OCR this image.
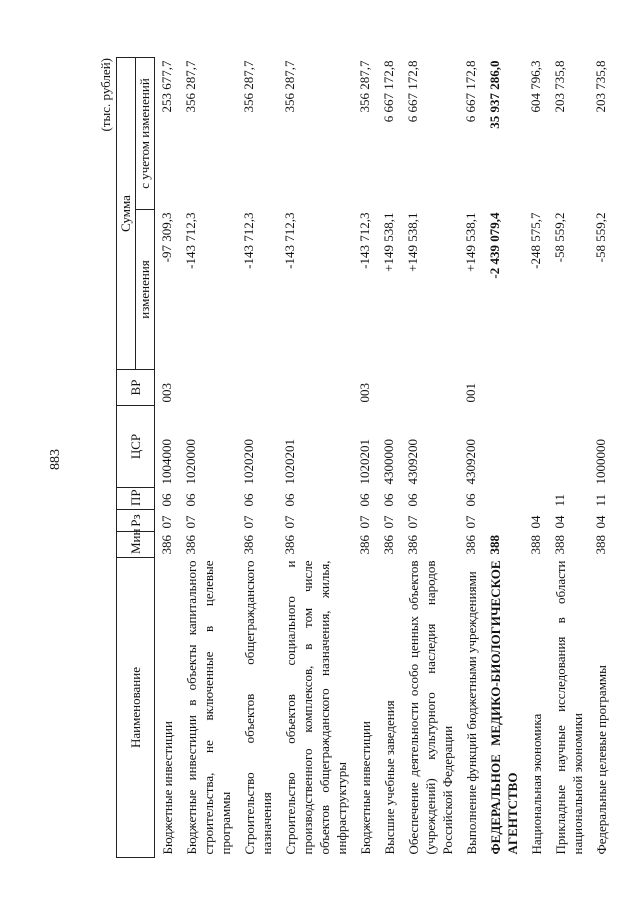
883
(тыс. рублей)
Наименование	Мин	Рз	ПР	ЦСР	ВР	Сумма	
						изменения	с учетом изменений
Бюджетные инвестиции	386	07	06	1004000	003	-97 309,3	253 677,7
Бюджетные инвестиции в объекты капитального строительства, не включенные в целевые программы	386	07	06	1020000		-143 712,3	356 287,7
Строительство объектов общегражданского назначения	386	07	06	1020200		-143 712,3	356 287,7
Строительство объектов социального и производственного комплексов, в том числе объектов общегражданского назначения, жилья, инфраструктуры	386	07	06	1020201		-143 712,3	356 287,7
Бюджетные инвестиции	386	07	06	1020201	003	-143 712,3	356 287,7
Высшие учебные заведения	386	07	06	4300000		+149 538,1	6 667 172,8
Обеспечение деятельности особо ценных объектов (учреждений) культурного наследия народов Российской Федерации	386	07	06	4309200		+149 538,1	6 667 172,8
Выполнение функций бюджетными учреждениями	386	07	06	4309200	001	+149 538,1	6 667 172,8
ФЕДЕРАЛЬНОЕ МЕДИКО-БИОЛОГИЧЕСКОЕ АГЕНТСТВО	388					-2 439 079,4	35 937 286,0
Национальная экономика	388	04				-248 575,7	604 796,3
Прикладные научные исследования в области национальной экономики	388	04	11			-58 559,2	203 735,8
Федеральные целевые программы	388	04	11	1000000		-58 559,2	203 735,8
